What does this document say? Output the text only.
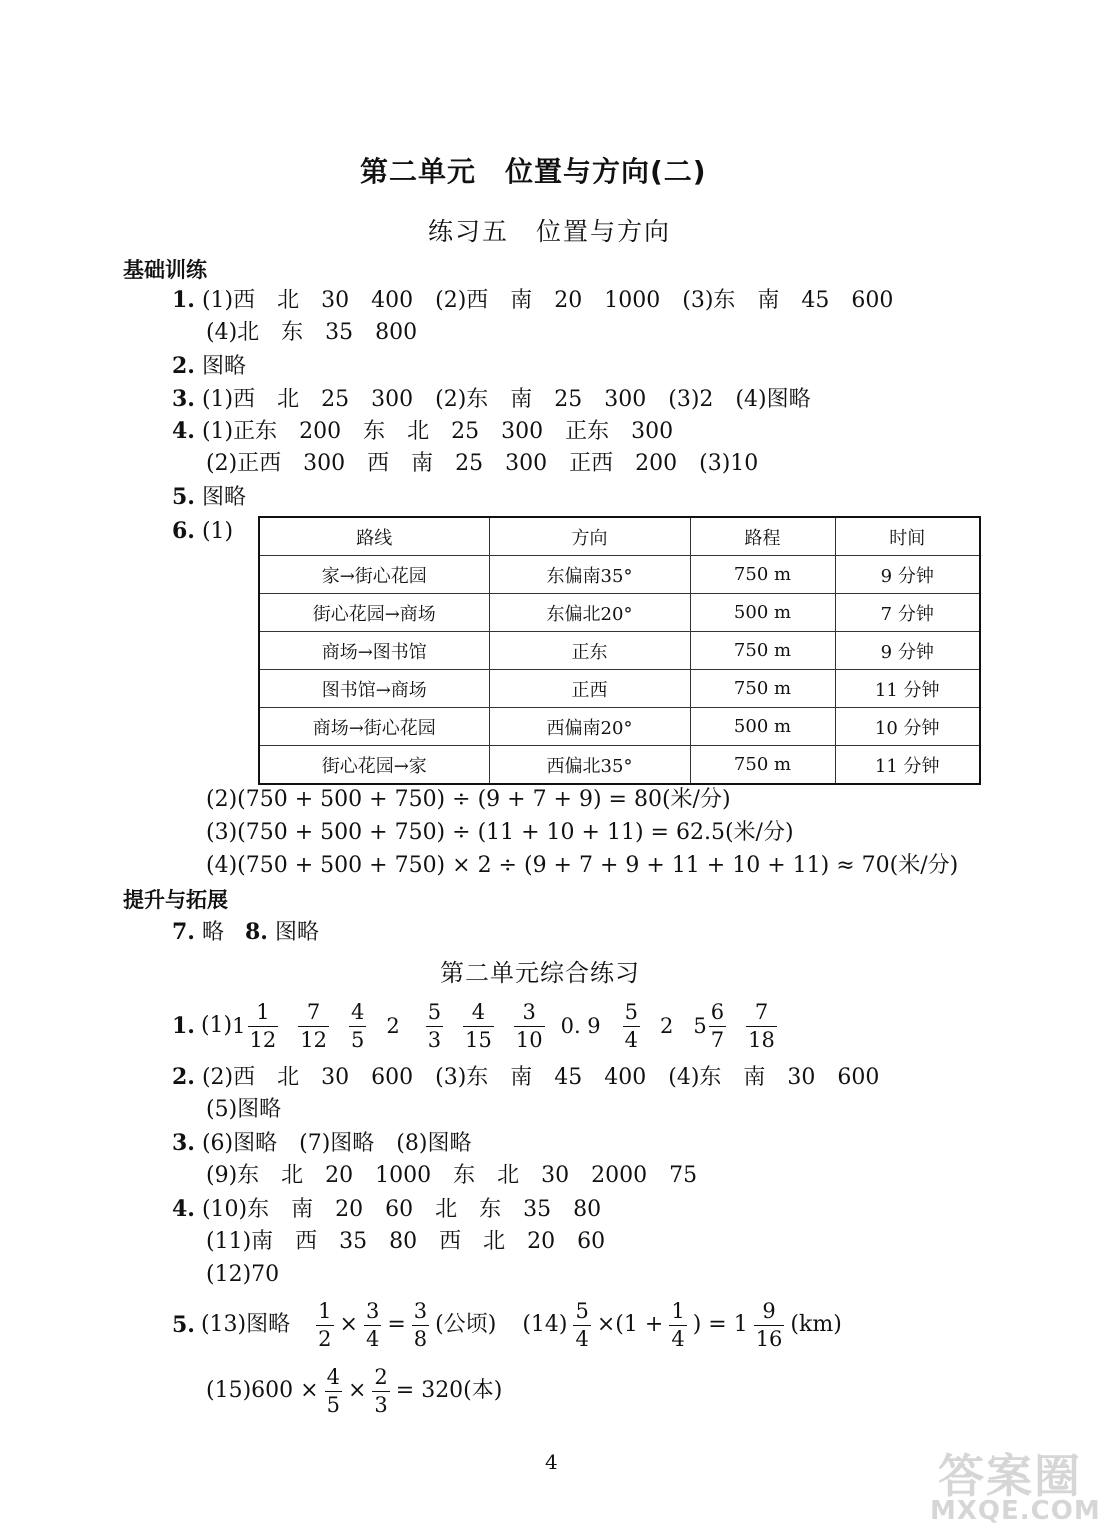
第二单元　位置与方向(二)
练习五　位置与方向
基础训练
1. (1)西　北　30　400　(2)西　南　20　1000　(3)东　南　45　600
(4)北　东　35　800
2. 图略
3. (1)西　北　25　300　(2)东　南　25　300　(3)2　(4)图略
4. (1)正东　200　东　北　25　300　正东　300
(2)正西　300　西　南　25　300　正西　200　(3)10
5. 图略
6. (1)	路线	方向	路程	时间
家→街心花园	东偏南35°	750 m	9 分钟
街心花园→商场	东偏北20°	500 m	7 分钟
商场→图书馆	正东	750 m	9 分钟
图书馆→商场	正西	750 m	11 分钟
商场→街心花园	西偏南20°	500 m	10 分钟
街心花园→家	西偏北35°	750 m	11 分钟
(2)(750 + 500 + 750) ÷ (9 + 7 + 9) = 80(米/分)
(3)(750 + 500 + 750) ÷ (11 + 10 + 11) = 62.5(米/分)
(4)(750 + 500 + 750) × 2 ÷ (9 + 7 + 9 + 11 + 10 + 11) ≈ 70(米/分)
提升与拓展
7. 略 8. 图略
第二单元综合练习
1. (1) $1 \frac{1}{12} \frac{7}{12} \frac{4}{5} 2 \frac{5}{3} \frac{4}{15} \frac{3}{10} 0$. $9 \frac{5}{4} 2$ $5 \frac{6}{7} \frac{7}{18}$
2. (2)西　北　30　600　(3)东　南　45　400　(4)东　南　30　600
(5)图略
3. (6)图略　(7)图略　(8)图略
(9)东　北　20　1000　东　北　30　2000　75
4. (10)东　南　20　60　北　东　35　80
(11)南　西　35　80　西　北　20　60
(12)70
5. (13)图略 $\frac{1}{2} \times \frac{3}{4} = \frac{3}{8}$ (公顷) $(14) \frac{5}{4} \times(1 + \frac{1}{4}$ ) = $1 \frac{9}{16} (km)$
$(15)600 \times \frac{4}{5} \times \frac{2}{3} = 320$(本)
4	答案圈
MXQE.COM
